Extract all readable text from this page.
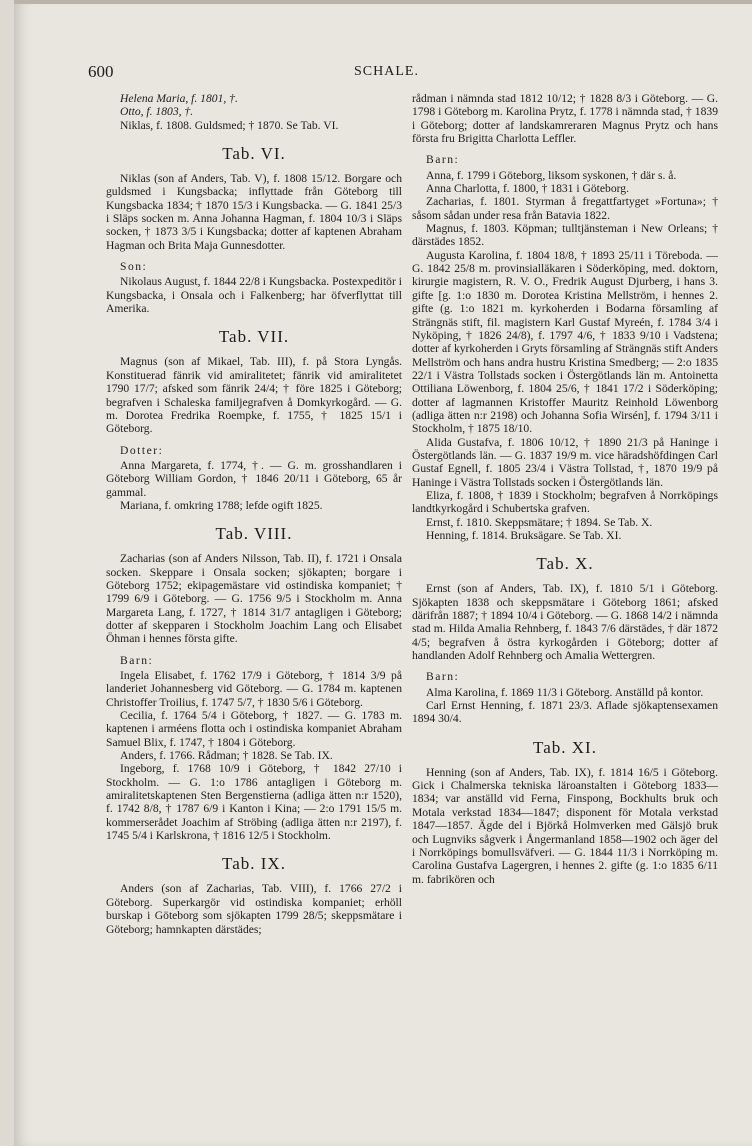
600	SCHALE.

Helena Maria, f. 1801, †.

Otto, f. 1803, †.

Niklas, f. 1808. Guldsmed; † 1870. Se Tab. VI.

Tab. VI.

Niklas (son af Anders, Tab. V), f. 1808 15/12. Borgare och guldsmed i Kungsbacka; inflyttade från Göteborg till Kungsbacka 1834; † 1870 15/3 i Kungsbacka. — G. 1841 25/3 i Släps socken m. Anna Johanna Hagman, f. 1804 10/3 i Släps socken, † 1873 3/5 i Kungsbacka; dotter af kaptenen Abraham Hagman och Brita Maja Gunnesdotter.

Son:

Nikolaus August, f. 1844 22/8 i Kungsbacka. Postexpeditör i Kungsbacka, i Onsala och i Falkenberg; har öfverflyttat till Amerika.

Tab. VII.

Magnus (son af Mikael, Tab. III), f. på Stora Lyngås. Konstituerad fänrik vid amiralitetet; fänrik vid amiralitetet 1790 17/7; afsked som fänrik 24/4; † före 1825 i Göteborg; begrafven i Schaleska familjegrafven å Domkyrkogård. — G. m. Dorotea Fredrika Roempke, f. 1755, † 1825 15/1 i Göteborg.

Dotter:

Anna Margareta, f. 1774, †. — G. m. grosshandlaren i Göteborg William Gordon, † 1846 20/11 i Göteborg, 65 år gammal.

Mariana, f. omkring 1788; lefde ogift 1825.

Tab. VIII.

Zacharias (son af Anders Nilsson, Tab. II), f. 1721 i Onsala socken. Skeppare i Onsala socken; sjökapten; borgare i Göteborg 1752; ekipagemästare vid ostindiska kompaniet; † 1799 6/9 i Göteborg. — G. 1756 9/5 i Stockholm m. Anna Margareta Lang, f. 1727, † 1814 31/7 antagligen i Göteborg; dotter af skepparen i Stockholm Joachim Lang och Elisabet Öhman i hennes första gifte.

Barn:

Ingela Elisabet, f. 1762 17/9 i Göteborg, † 1814 3/9 på landeriet Johannesberg vid Göteborg. — G. 1784 m. kaptenen Christoffer Troilius, f. 1747 5/7, † 1830 5/6 i Göteborg.

Cecilia, f. 1764 5/4 i Göteborg, † 1827. — G. 1783 m. kaptenen i arméens flotta och i ostindiska kompaniet Abraham Samuel Blix, f. 1747, † 1804 i Göteborg.

Anders, f. 1766. Rådman; † 1828. Se Tab. IX.

Ingeborg, f. 1768 10/9 i Göteborg, † 1842 27/10 i Stockholm. — G. 1:o 1786 antagligen i Göteborg m. amiralitetskaptenen Sten Bergenstierna (adliga ätten n:r 1520), f. 1742 8/8, † 1787 6/9 i Kanton i Kina; — 2:o 1791 15/5 m. kommerserådet Joachim af Ströbing (adliga ätten n:r 2197), f. 1745 5/4 i Karlskrona, † 1816 12/5 i Stockholm.

Tab. IX.

Anders (son af Zacharias, Tab. VIII), f. 1766 27/2 i Göteborg. Superkargör vid ostindiska kompaniet; erhöll burskap i Göteborg som sjökapten 1799 28/5; skeppsmätare i Göteborg; hamnkapten därstädes;

rådman i nämnda stad 1812 10/12; † 1828 8/3 i Göteborg. — G. 1798 i Göteborg m. Karolina Prytz, f. 1778 i nämnda stad, † 1839 i Göteborg; dotter af landskamreraren Magnus Prytz och hans första fru Brigitta Charlotta Leffler.

Barn:

Anna, f. 1799 i Göteborg, liksom syskonen, † där s. å.

Anna Charlotta, f. 1800, † 1831 i Göteborg.

Zacharias, f. 1801. Styrman å fregattfartyget »Fortuna»; † såsom sådan under resa från Batavia 1822.

Magnus, f. 1803. Köpman; tulltjänsteman i New Orleans; † därstädes 1852.

Augusta Karolina, f. 1804 18/8, † 1893 25/11 i Töreboda. — G. 1842 25/8 m. provinsialläkaren i Söderköping, med. doktorn, kirurgie magistern, R. V. O., Fredrik August Djurberg, i hans 3. gifte [g. 1:o 1830 m. Dorotea Kristina Mellström, i hennes 2. gifte (g. 1:o 1821 m. kyrkoherden i Bodarna församling af Strängnäs stift, fil. magistern Karl Gustaf Myreén, f. 1784 3/4 i Nyköping, † 1826 24/8), f. 1797 4/6, † 1833 9/10 i Vadstena; dotter af kyrkoherden i Gryts församling af Strängnäs stift Anders Mellström och hans andra hustru Kristina Smedberg; — 2:o 1835 22/1 i Västra Tollstads socken i Östergötlands län m. Antoinetta Ottiliana Löwenborg, f. 1804 25/6, † 1841 17/2 i Söderköping; dotter af lagmannen Kristoffer Mauritz Reinhold Löwenborg (adliga ätten n:r 2198) och Johanna Sofia Wirsén], f. 1794 3/11 i Stockholm, † 1875 18/10.

Alida Gustafva, f. 1806 10/12, † 1890 21/3 på Haninge i Östergötlands län. — G. 1837 19/9 m. vice häradshöfdingen Carl Gustaf Egnell, f. 1805 23/4 i Västra Tollstad, †, 1870 19/9 på Haninge i Västra Tollstads socken i Östergötlands län.

Eliza, f. 1808, † 1839 i Stockholm; begrafven å Norrköpings landtkyrkogård i Schubertska grafven.

Ernst, f. 1810. Skeppsmätare; † 1894. Se Tab. X.

Henning, f. 1814. Bruksägare. Se Tab. XI.

Tab. X.

Ernst (son af Anders, Tab. IX), f. 1810 5/1 i Göteborg. Sjökapten 1838 och skeppsmätare i Göteborg 1861; afsked därifrån 1887; † 1894 10/4 i Göteborg. — G. 1868 14/2 i nämnda stad m. Hilda Amalia Rehnberg, f. 1843 7/6 därstädes, † där 1872 4/5; begrafven å östra kyrkogården i Göteborg; dotter af handlanden Adolf Rehnberg och Amalia Wettergren.

Barn:

Alma Karolina, f. 1869 11/3 i Göteborg. Anställd på kontor.

Carl Ernst Henning, f. 1871 23/3. Aflade sjökaptensexamen 1894 30/4.

Tab. XI.

Henning (son af Anders, Tab. IX), f. 1814 16/5 i Göteborg. Gick i Chalmerska tekniska läroanstalten i Göteborg 1833—1834; var anställd vid Ferna, Finspong, Bockhults bruk och Motala verkstad 1834—1847; disponent för Motala verkstad 1847—1857. Ägde del i Björkå Holmverken med Gälsjö bruk och Lugnviks sågverk i Ångermanland 1858—1902 och äger del i Norrköpings bomullsväfveri. — G. 1844 11/3 i Norrköping m. Carolina Gustafva Lagergren, i hennes 2. gifte (g. 1:o 1835 6/11 m. fabrikören och
